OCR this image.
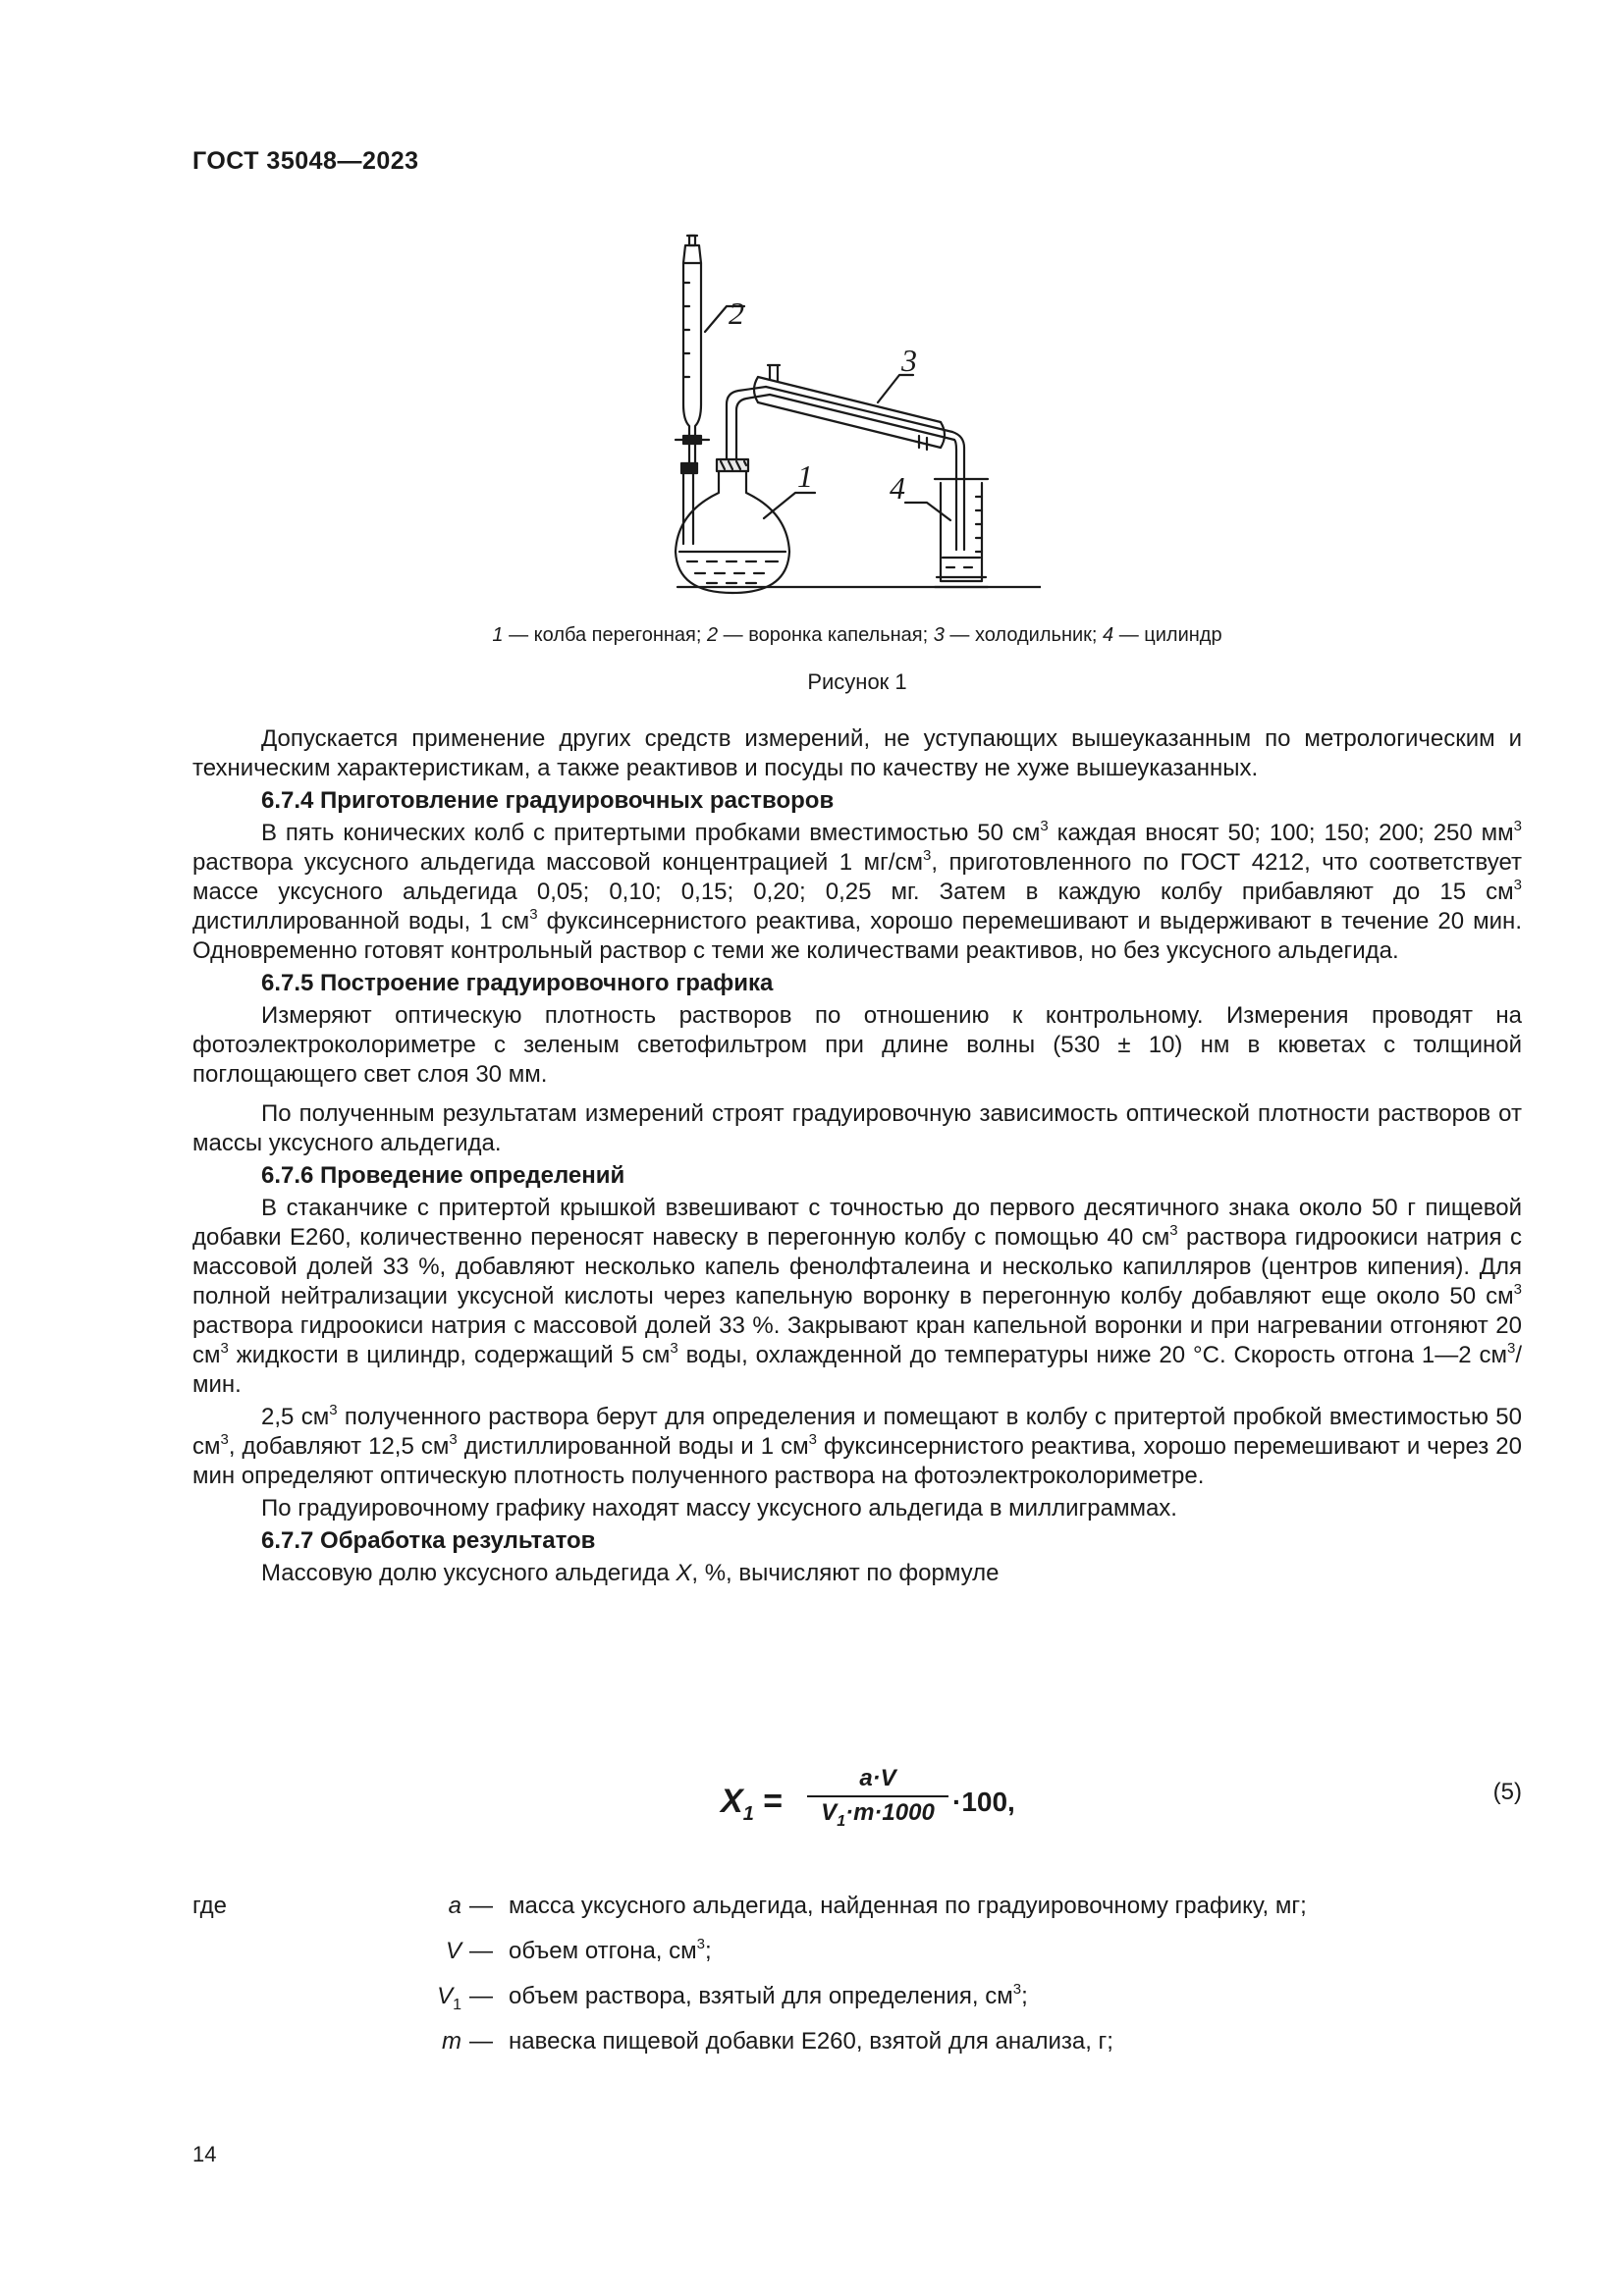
ГОСТ 35048—2023
2
3
1 4
1 — колба перегонная; 2 — воронка капельная; 3 — холодильник; 4 — цилиндр
Рисунок 1

Допускается применение других средств измерений, не уступающих вышеуказанным по метрологическим и техническим характеристикам, а также реактивов и посуды по качеству не хуже вышеуказанных.

6.7.4 Приготовление градуировочных растворов

В пять конических колб с притертыми пробками вместимостью 50 $см^3$ каждая вносят 50; 100; 150; 200; 250 $мм^3$ раствора уксусного альдегида массовой концентрацией 1 $мг/см^3$, приготовленного по ГОСТ 4212, что соответствует массе уксусного альдегида 0,05; 0,10; 0,15; 0,20; 0,25 мг. Затем в каждую колбу прибавляют до 15 $см^3$ дистиллированной воды, 1 $см^3$ фуксинсернистого реактива, хорошо перемешивают и выдерживают в течение 20 мин. Одновременно готовят контрольный раствор с теми же количествами реактивов, но без уксусного альдегида.

6.7.5 Построение градуировочного графика

Измеряют оптическую плотность растворов по отношению к контрольному. Измерения проводят на фотоэлектроколориметре с зеленым светофильтром при длине волны (530 ± 10) нм в кюветах с толщиной поглощающего свет слоя 30 мм.

По полученным результатам измерений строят градуировочную зависимость оптической плотности растворов от массы уксусного альдегида.

6.7.6 Проведение определений

В стаканчике с притертой крышкой взвешивают с точностью до первого десятичного знака около 50 г пищевой добавки Е260, количественно переносят навеску в перегонную колбу с помощью 40 $см^3$ раствора гидроокиси натрия с массовой долей 33 %, добавляют несколько капель фенолфталеина и несколько капилляров (центров кипения). Для полной нейтрализации уксусной кислоты через капельную воронку в перегонную колбу добавляют еще около 50 $см^3$ раствора гидроокиси натрия с массовой долей 33 %. Закрывают кран капельной воронки и при нагревании отгоняют 20 $см^3$ жидкости в цилиндр, содержащий 5 $см^3$ воды, охлажденной до температуры ниже 20 °С. Скорость отгона 1—2 $см^3$/мин.

2,5 $см^3$ полученного раствора берут для определения и помещают в колбу с притертой пробкой вместимостью 50 $см^3$, добавляют 12,5 $см^3$ дистиллированной воды и 1 $см^3$ фуксинсернистого реактива, хорошо перемешивают и через 20 мин определяют оптическую плотность полученного раствора на фотоэлектроколориметре.

По градуировочному графику находят массу уксусного альдегида в миллиграммах.

6.7.7 Обработка результатов

Массовую долю уксусного альдегида X, %, вычисляют по формуле

$X_1$ =
a·V
$V_1\cdot m\cdot 1000 \cdot 100$,	(5)
где	a — масса уксусного альдегида, найденная по градуировочному графику, мг;
V — объем отгона, $см^3$;
$V_1$ — объем раствора, взятый для определения, $см^3$;
m — навеска пищевой добавки Е260, взятой для анализа, г;
14
